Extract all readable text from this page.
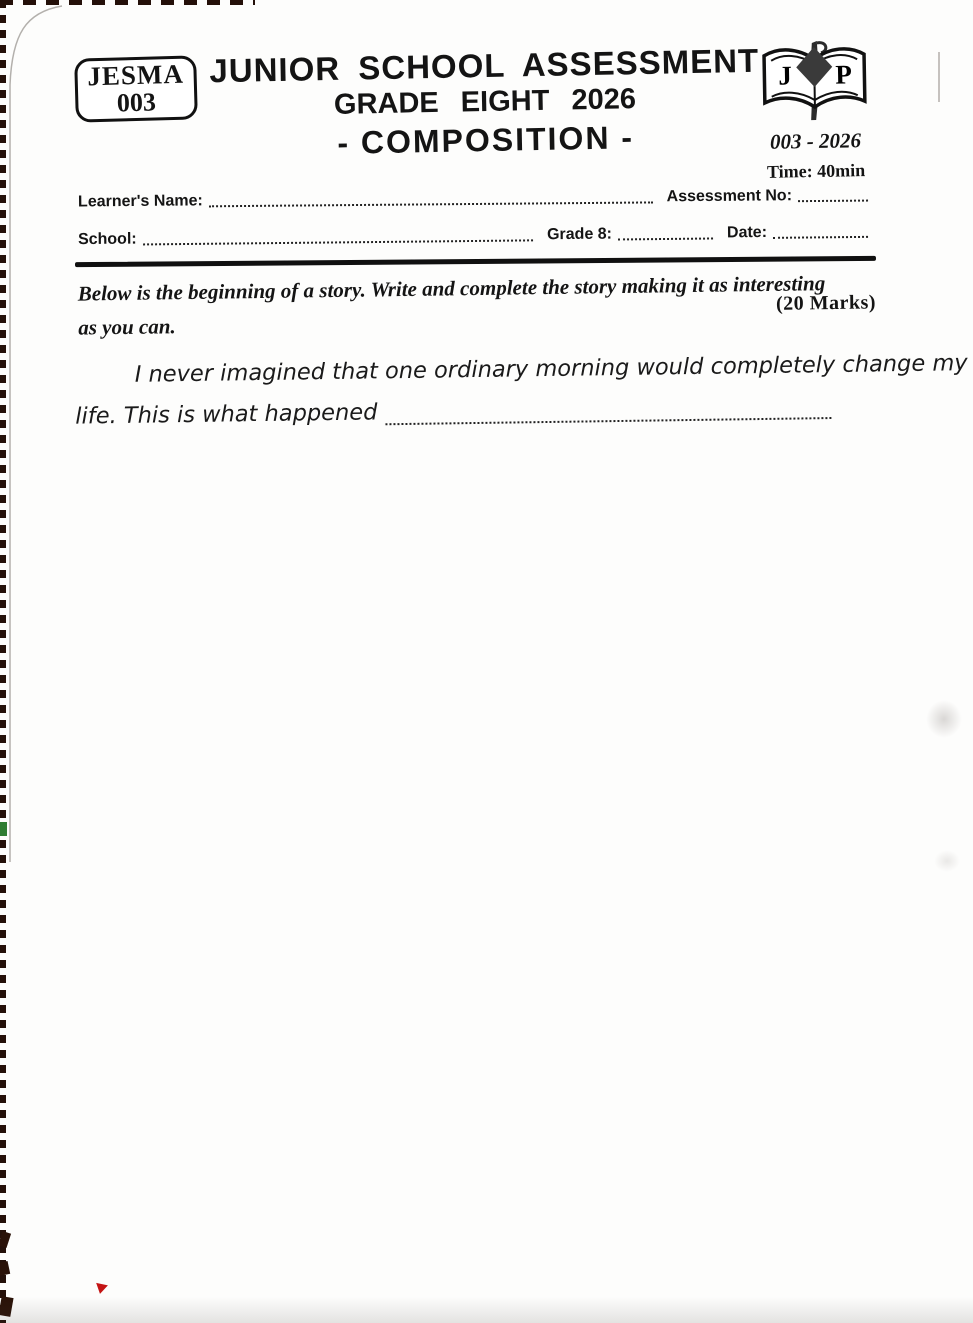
JESMA
003
JUNIOR SCHOOL ASSESSMENT
GRADE EIGHT 2026
- COMPOSITION -
J P
003 - 2026
Time: 40min
Learner's Name:	Assessment No:
School:	Grade 8:	Date:
Below is the beginning of a story. Write and complete the story making it as interesting
as you can.
(20 Marks)
I never imagined that one ordinary morning would completely change my
life. This is what happened
